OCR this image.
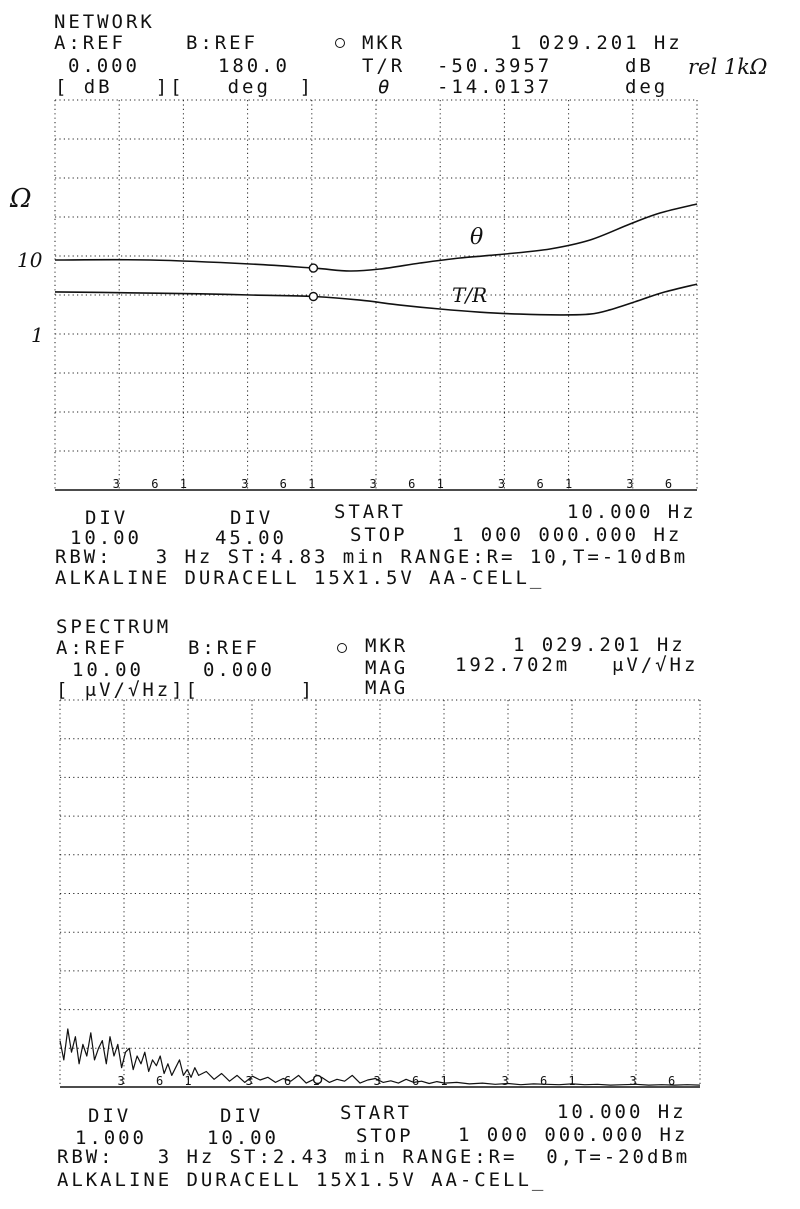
NETWORK
A:REF	B:REF	MKR	1 029.201 Hz
0.000	180.0	T/R -50.3957	dB rel 1kΩ
[ dB   ][   deg  ]	θ -14.0137	deg
Ω
10
1
3	6 1	3	6 1	3	6 1	3	6 1	3	6
θ
T/R
DIV	DIV	START	10.000 Hz
10.00	45.00	STOP 1 000 000.000 Hz
RBW:   3 Hz ST:4.83 min RANGE:R= 10,T=-10dBm
ALKALINE DURACELL 15X1.5V AA-CELL_
SPECTRUM
A:REF	B:REF	MKR	1 029.201 Hz
10.00	0.000	MAG 192.702m μV/√Hz
[ μV/√Hz][       ]	MAG
3	6 1	3	6	3	6 1	3	6 1	3	6
DIV	DIV	START	10.000 Hz
1.000	10.00	STOP 1 000 000.000 Hz
RBW:   3 Hz ST:2.43 min RANGE:R=  0,T=-20dBm
ALKALINE DURACELL 15X1.5V AA-CELL_
